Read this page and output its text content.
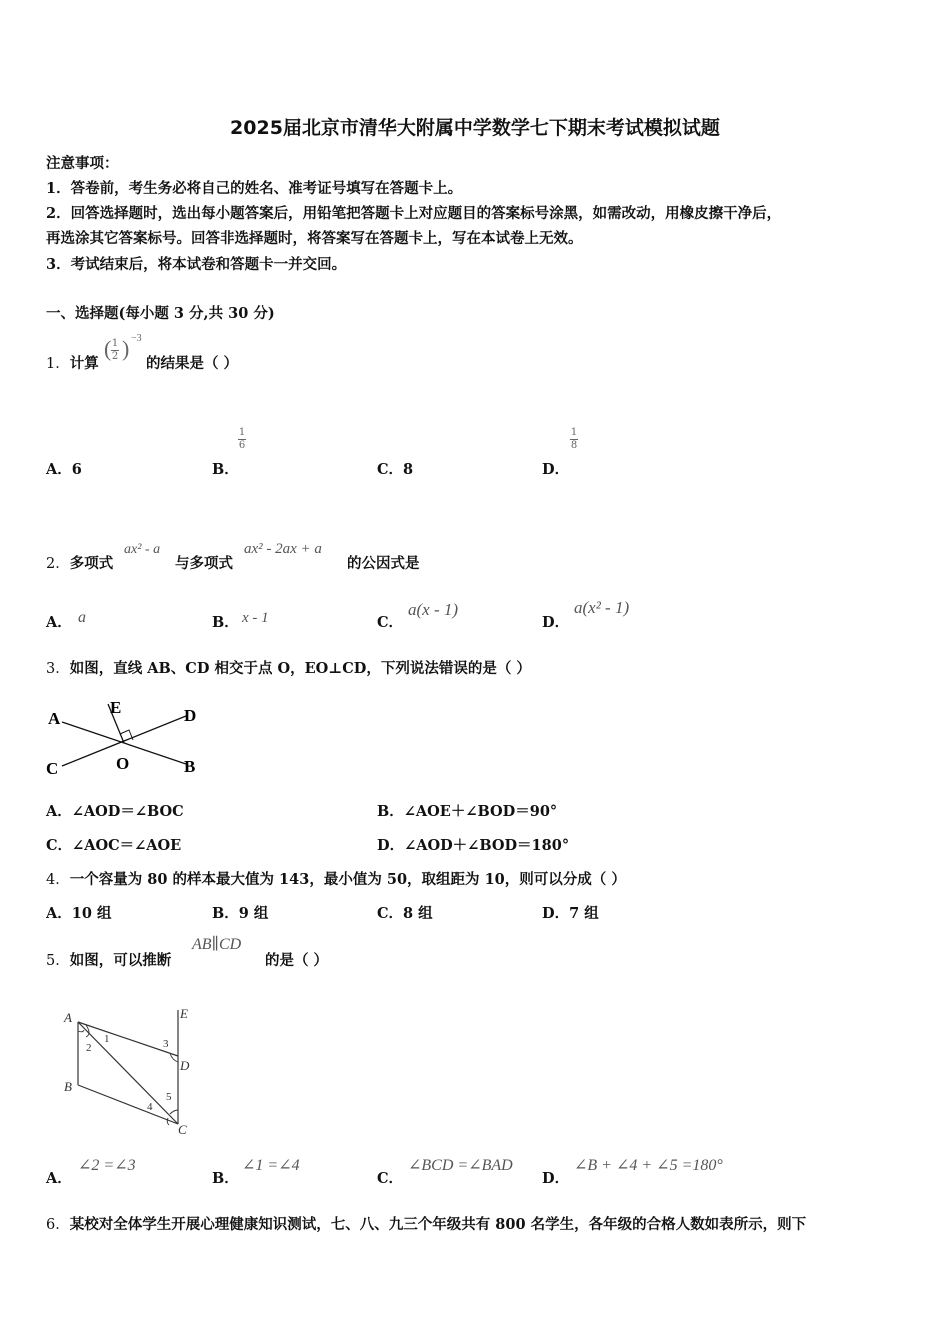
2025届北京市清华大附属中学数学七下期末考试模拟试题
注意事项：
1．答卷前，考生务必将自己的姓名、准考证号填写在答题卡上。
2．回答选择题时，选出每小题答案后，用铅笔把答题卡上对应题目的答案标号涂黑，如需改动，用橡皮擦干净后，
再选涂其它答案标号。回答非选择题时，将答案写在答题卡上，写在本试卷上无效。
3．考试结束后，将本试卷和答题卡一并交回。
一、选择题(每小题 3 分,共 30 分)
1．计算
( 1
2 ) −3
的结果是（ ）
A．6	B．
1
6
C．8	D．
1
8
2．多项式
ax² - a
与多项式
ax² - 2ax + a
的公因式是
A． a	B． x - 1	C．
a(x - 1)
D．
a(x² - 1)
3．如图，直线 AB、CD 相交于点 O，EO⊥CD，下列说法错误的是（ ）
A	D
E
C	O	B
A．∠AOD＝∠BOC	B．∠AOE＋∠BOD＝90°
C．∠AOC＝∠AOE	D．∠AOD＋∠BOD＝180°
4．一个容量为 80 的样本最大值为 143，最小值为 50，取组距为 10，则可以分成（ ）
A．10 组	B．9 组	C．8 组	D．7 组
5．如图，可以推断
AB∥CD
的是（ ）
A	E
D
B
C
1
2	3
4
5
A．
∠2 =∠3
B．
∠1 =∠4
C．
∠BCD =∠BAD
D．
∠B + ∠4 + ∠5 =180°
6．某校对全体学生开展心理健康知识测试，七、八、九三个年级共有 800 名学生，各年级的合格人数如表所示，则下
